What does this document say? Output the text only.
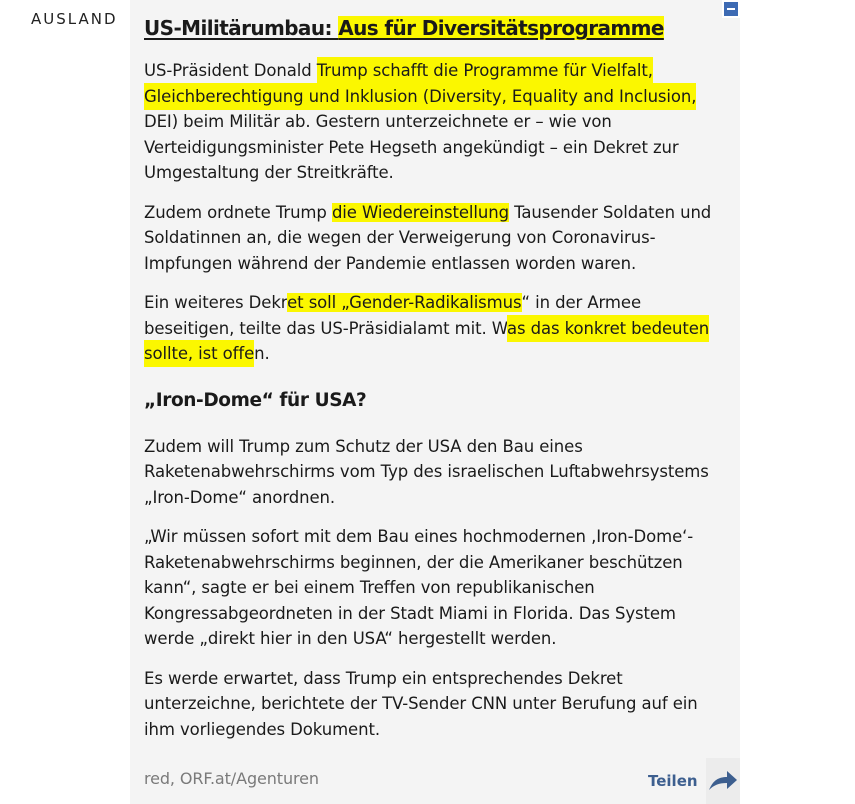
AUSLAND US-Militärumbau: Aus für Diversitätsprogramme

US-Präsident Donald Trump schafft die Programme für Vielfalt, Gleichberechtigung und Inklusion (Diversity, Equality and Inclusion, DEI) beim Militär ab. Gestern unterzeichnete er – wie von Verteidigungsminister Pete Hegseth angekündigt – ein Dekret zur Umgestaltung der Streitkräfte.

Zudem ordnete Trump die Wiedereinstellung Tausender Soldaten und Soldatinnen an, die wegen der Verweigerung von Coronavirus-Impfungen während der Pandemie entlassen worden waren.

Ein weiteres Dekret soll „Gender-Radikalismus“ in der Armee beseitigen, teilte das US-Präsidialamt mit. Was das konkret bedeuten sollte, ist offen.

„Iron-Dome“ für USA?

Zudem will Trump zum Schutz der USA den Bau eines Raketenabwehrschirms vom Typ des israelischen Luftabwehrsystems „Iron-Dome“ anordnen.

„Wir müssen sofort mit dem Bau eines hochmodernen ‚Iron-Dome‘-Raketenabwehrschirms beginnen, der die Amerikaner beschützen kann“, sagte er bei einem Treffen von republikanischen Kongressabgeordneten in der Stadt Miami in Florida. Das System werde „direkt hier in den USA“ hergestellt werden.

Es werde erwartet, dass Trump ein entsprechendes Dekret unterzeichne, berichtete der TV-Sender CNN unter Berufung auf ein ihm vorliegendes Dokument.

red, ORF.at/Agenturen	Teilen
